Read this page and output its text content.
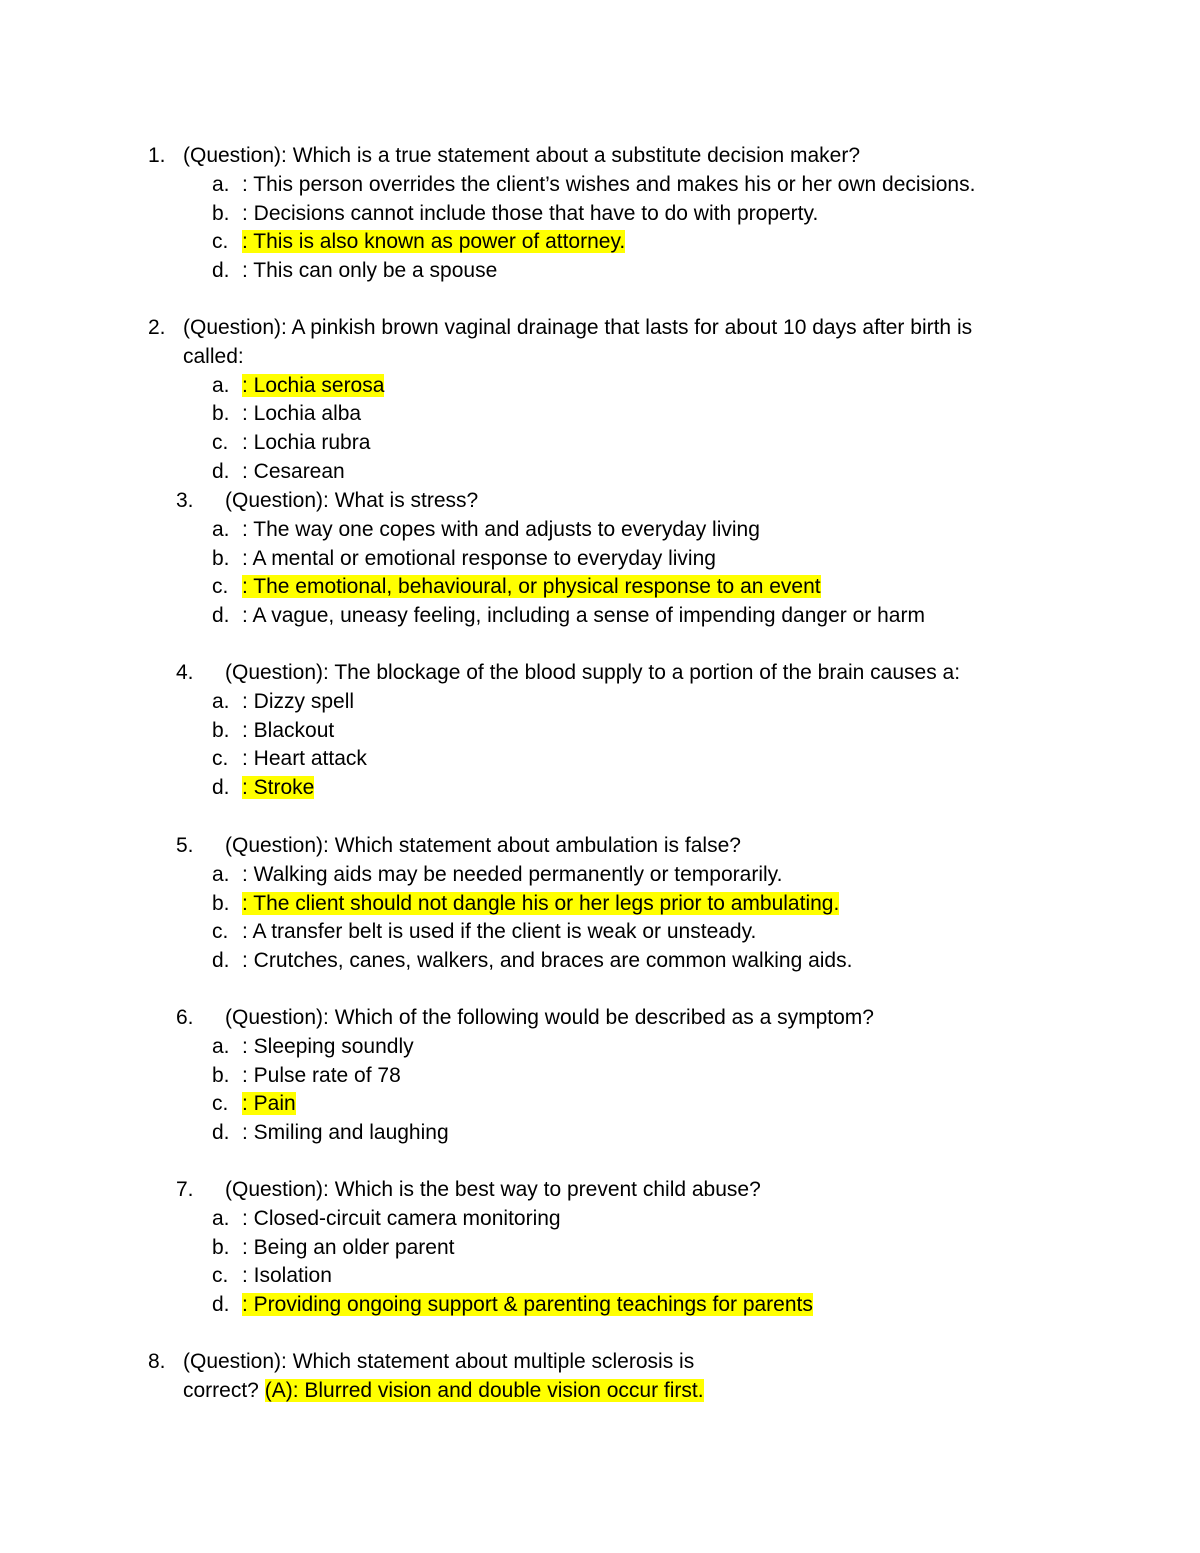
1. (Question): Which is a true statement about a substitute decision maker?
a. : This person overrides the client’s wishes and makes his or her own decisions.
b. : Decisions cannot include those that have to do with property.
c. : This is also known as power of attorney.
d. : This can only be a spouse
2. (Question): A pinkish brown vaginal drainage that lasts for about 10 days after birth is called:
a. : Lochia serosa
b. : Lochia alba
c. : Lochia rubra
d. : Cesarean
3. (Question): What is stress?
a. : The way one copes with and adjusts to everyday living
b. : A mental or emotional response to everyday living
c. : The emotional, behavioural, or physical response to an event
d. : A vague, uneasy feeling, including a sense of impending danger or harm
4. (Question): The blockage of the blood supply to a portion of the brain causes a:
a. : Dizzy spell
b. : Blackout
c. : Heart attack
d. : Stroke
5. (Question): Which statement about ambulation is false?
a. : Walking aids may be needed permanently or temporarily.
b. : The client should not dangle his or her legs prior to ambulating.
c. : A transfer belt is used if the client is weak or unsteady.
d. : Crutches, canes, walkers, and braces are common walking aids.
6. (Question): Which of the following would be described as a symptom?
a. : Sleeping soundly
b. : Pulse rate of 78
c. : Pain
d. : Smiling and laughing
7. (Question): Which is the best way to prevent child abuse?
a. : Closed-circuit camera monitoring
b. : Being an older parent
c. : Isolation
d. : Providing ongoing support & parenting teachings for parents
8. (Question): Which statement about multiple sclerosis is correct? (A): Blurred vision and double vision occur first.
